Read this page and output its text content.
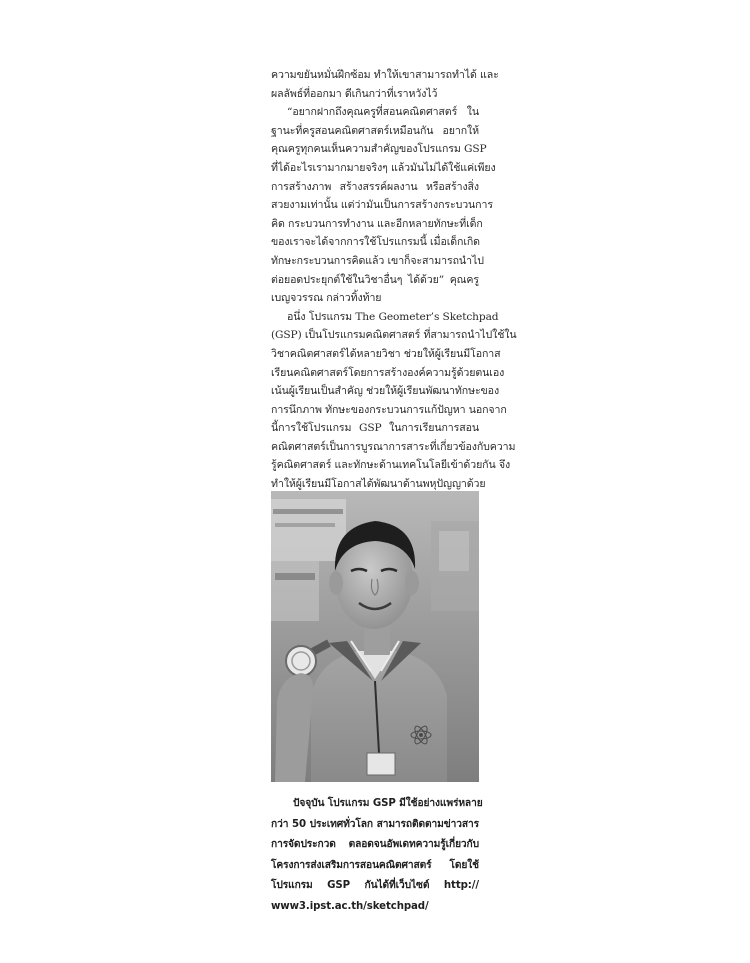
ความขยันหมั่นฝึกซ้อม ทำให้เขาสามารถทำได้ และ

ผลลัพธ์ที่ออกมา ดีเกินกว่าที่เราหวังไว้

“อยากฝากถึงคุณครูที่สอนคณิตศาสตร์ ใน

ฐานะที่ครูสอนคณิตศาสตร์เหมือนกัน อยากให้

คุณครูทุกคนเห็นความสำคัญของโปรแกรม GSP

ที่ได้อะไรเรามากมายจริงๆ แล้วมันไม่ได้ใช้แค่เพียง

การสร้างภาพ สร้างสรรค์ผลงาน หรือสร้างสิ่ง

สวยงามเท่านั้น แต่ว่ามันเป็นการสร้างกระบวนการ

คิด กระบวนการทำงาน และอีกหลายทักษะที่เด็ก

ของเราจะได้จากการใช้โปรแกรมนี้ เมื่อเด็กเกิด

ทักษะกระบวนการคิดแล้ว เขาก็จะสามารถนำไป

ต่อยอดประยุกต์ใช้ในวิชาอื่นๆ ได้ด้วย” คุณครู

เบญจวรรณ กล่าวทิ้งท้าย

อนึ่ง โปรแกรม The Geometer’s Sketchpad

(GSP) เป็นโปรแกรมคณิตศาสตร์ ที่สามารถนำไปใช้ใน

วิชาคณิตศาสตร์ได้หลายวิชา ช่วยให้ผู้เรียนมีโอกาส

เรียนคณิตศาสตร์โดยการสร้างองค์ความรู้ด้วยตนเอง

เน้นผู้เรียนเป็นสำคัญ ช่วยให้ผู้เรียนพัฒนาทักษะของ

การนึกภาพ ทักษะของกระบวนการแก้ปัญหา นอกจาก

นี้การใช้โปรแกรม GSP ในการเรียนการสอน

คณิตศาสตร์เป็นการบูรณาการสาระที่เกี่ยวข้องกับความ

รู้คณิตศาสตร์ และทักษะด้านเทคโนโลยีเข้าด้วยกัน จึง

ทำให้ผู้เรียนมีโอกาสได้พัฒนาด้านพหุปัญญาด้วย

ปัจจุบัน โปรแกรม GSP มีใช้อย่างแพร่หลาย

กว่า 50 ประเทศทั่วโลก สามารถติดตามข่าวสาร

การจัดประกวด ตลอดจนอัพเดทความรู้เกี่ยวกับ

โครงการส่งเสริมการสอนคณิตศาสตร์ โดยใช้

โปรแกรม GSP กันได้ที่เว็บไซต์ http://

www3.ipst.ac.th/sketchpad/
